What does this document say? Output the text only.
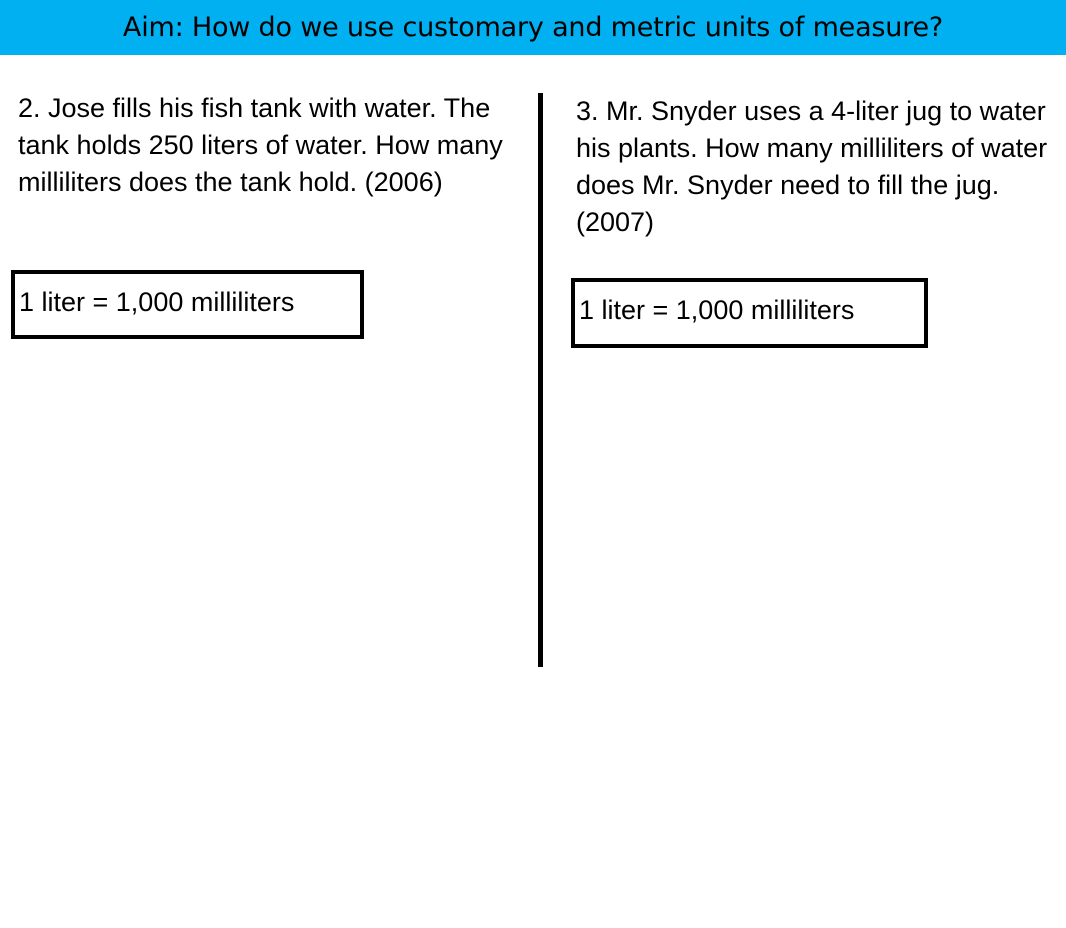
Aim: How do we use customary and metric units of measure?

2. Jose fills his fish tank with water. The tank holds 250 liters of water. How many milliliters does the tank hold. (2006)

1 liter = 1,000 milliliters

3. Mr. Snyder uses a 4-liter jug to water his plants. How many milliliters of water does Mr. Snyder need to fill the jug. (2007)

1 liter = 1,000 milliliters
